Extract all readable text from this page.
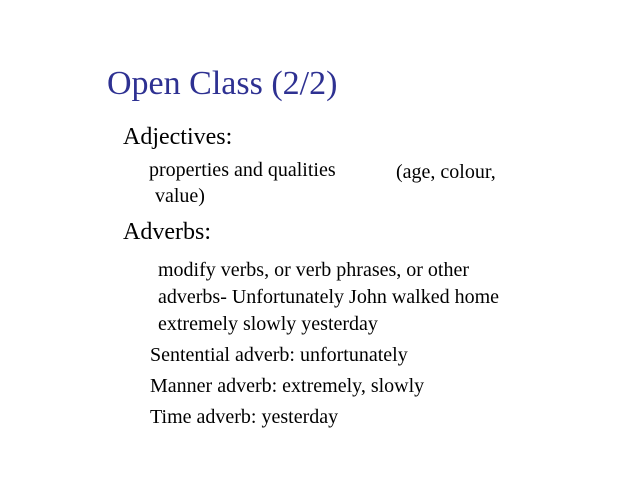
Open Class (2/2)
Adjectives:
properties and qualities	(age, colour,
value)
Adverbs:
modify verbs, or verb phrases, or other
adverbs- Unfortunately John walked home
extremely slowly yesterday
Sentential adverb: unfortunately
Manner adverb: extremely, slowly
Time adverb: yesterday
